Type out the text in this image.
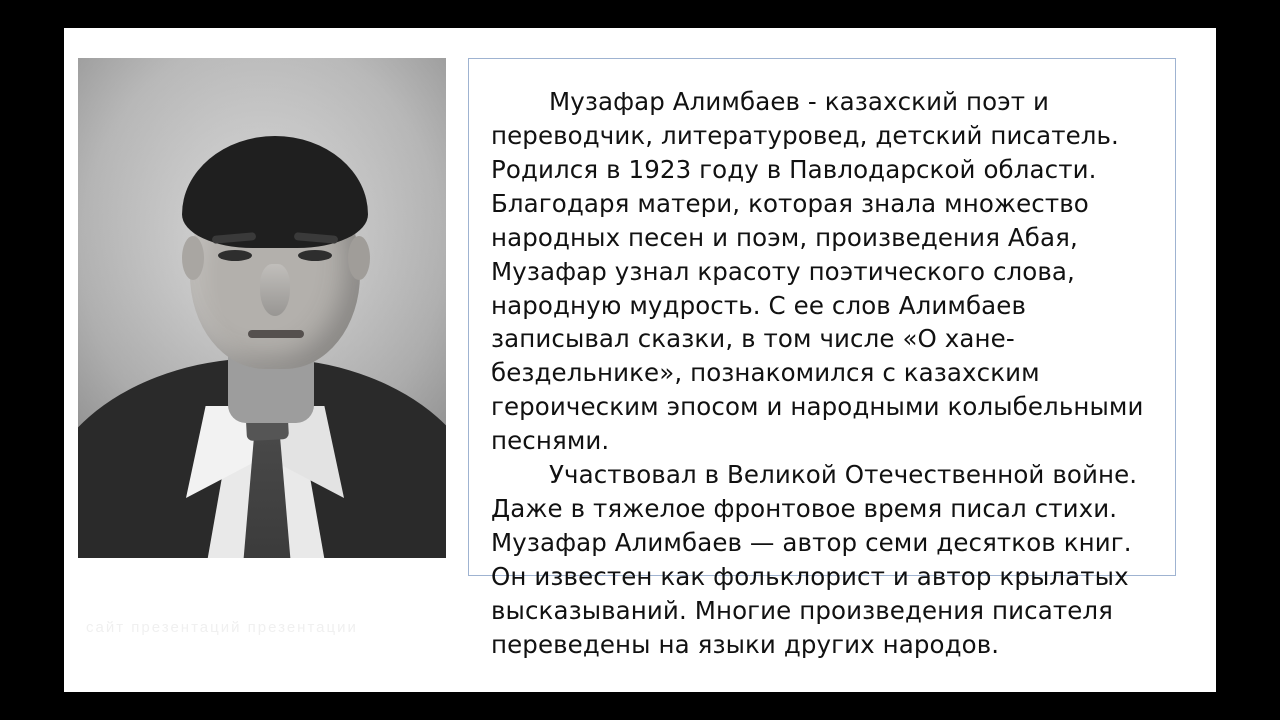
Музафар Алимбаев - казахский поэт и переводчик, литературовед, детский писатель. Родился в 1923 году в Павлодарской области. Благодаря матери, которая знала множество народных песен и поэм, произведения Абая, Музафар узнал красоту поэтического слова, народную мудрость. С ее слов Алимбаев записывал сказки, в том числе «О хане-бездельнике», познакомился с казахским героическим эпосом и народными колыбельными песнями.

Участвовал в Великой Отечественной войне. Даже в тяжелое фронтовое время писал стихи. Музафар Алимбаев — автор семи десятков книг. Он известен как фольклорист и автор крылатых высказываний. Многие произведения писателя переведены на языки других народов.

сайт презентаций презентации
